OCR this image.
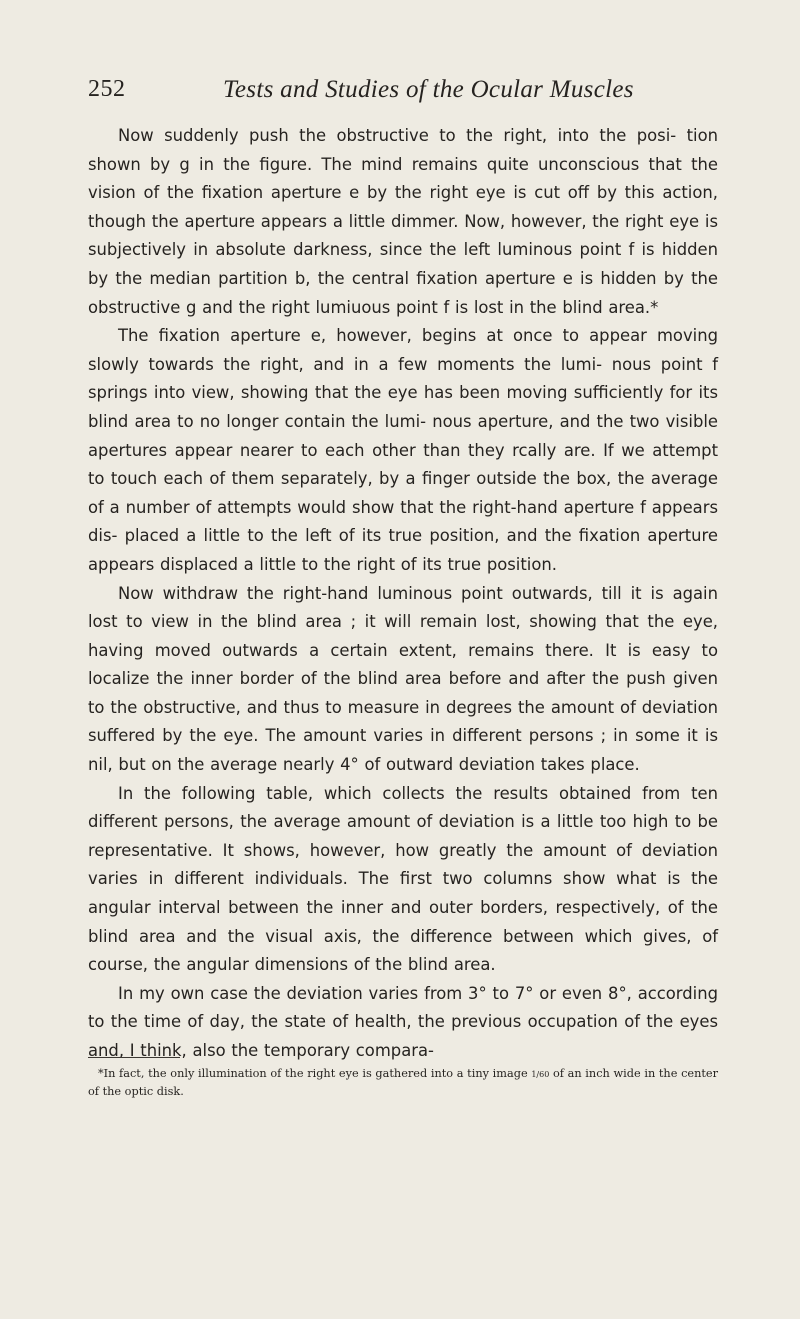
252	Tests and Studies of the Ocular Muscles

Now suddenly push the obstructive to the right, into the posi- tion shown by g in the figure. The mind remains quite unconscious that the vision of the fixation aperture e by the right eye is cut off by this action, though the aperture appears a little dimmer. Now, however, the right eye is subjectively in absolute darkness, since the left luminous point f is hidden by the median partition b, the central fixation aperture e is hidden by the obstructive g and the right lumiuous point f is lost in the blind area.*

The fixation aperture e, however, begins at once to appear moving slowly towards the right, and in a few moments the lumi- nous point f springs into view, showing that the eye has been moving sufficiently for its blind area to no longer contain the lumi- nous aperture, and the two visible apertures appear nearer to each other than they rcally are. If we attempt to touch each of them separately, by a finger outside the box, the average of a number of attempts would show that the right-hand aperture f appears dis- placed a little to the left of its true position, and the fixation aperture appears displaced a little to the right of its true position.

Now withdraw the right-hand luminous point outwards, till it is again lost to view in the blind area ; it will remain lost, showing that the eye, having moved outwards a certain extent, remains there. It is easy to localize the inner border of the blind area before and after the push given to the obstructive, and thus to measure in degrees the amount of deviation suffered by the eye. The amount varies in different persons ; in some it is nil, but on the average nearly 4° of outward deviation takes place.

In the following table, which collects the results obtained from ten different persons, the average amount of deviation is a little too high to be representative. It shows, however, how greatly the amount of deviation varies in different individuals. The first two columns show what is the angular interval between the inner and outer borders, respectively, of the blind area and the visual axis, the difference between which gives, of course, the angular dimensions of the blind area.

In my own case the deviation varies from 3° to 7° or even 8°, according to the time of day, the state of health, the previous occupation of the eyes and, I think, also the temporary compara-

*In fact, the only illumination of the right eye is gathered into a tiny image 1/60 of an inch wide in the center of the optic disk.
